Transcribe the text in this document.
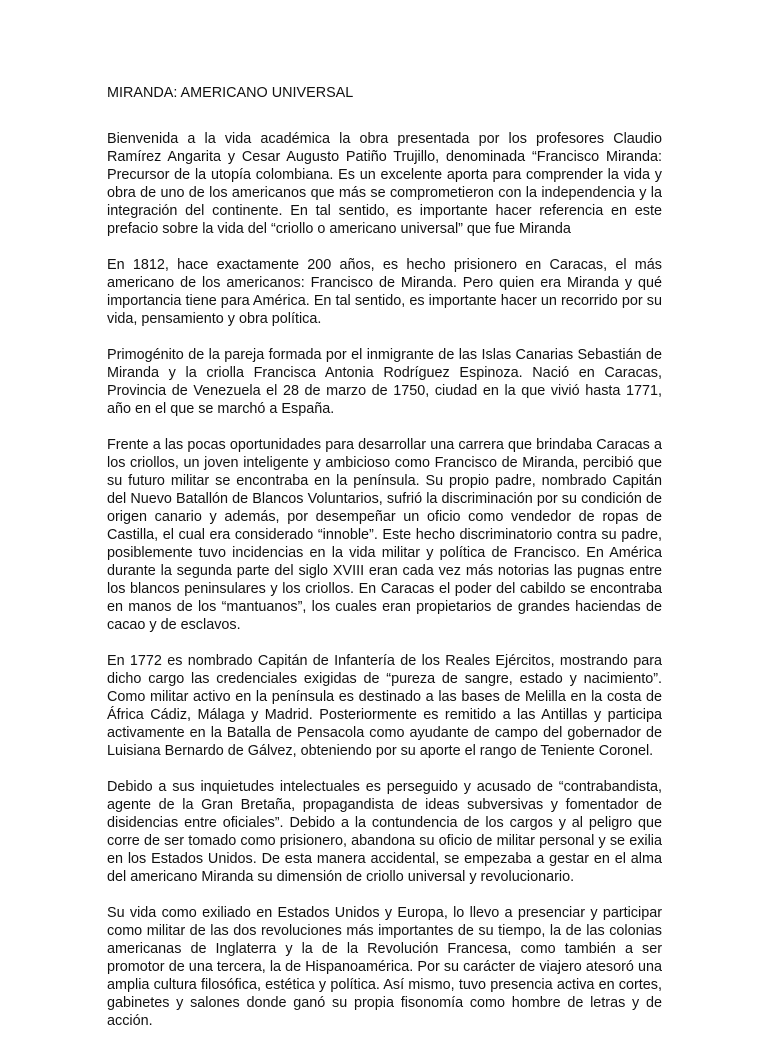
MIRANDA: AMERICANO UNIVERSAL

Bienvenida a la vida académica la obra presentada por los profesores Claudio Ramírez Angarita y Cesar Augusto Patiño Trujillo, denominada “Francisco Miranda: Precursor de la utopía colombiana. Es un excelente aporta para comprender la vida y obra de uno de los americanos que más se comprometieron con la independencia y la integración del continente. En tal sentido, es importante hacer referencia en este prefacio sobre la vida del “criollo o americano universal” que fue Miranda

En 1812, hace exactamente 200 años, es hecho prisionero en Caracas, el más americano de los americanos: Francisco de Miranda. Pero quien era Miranda y qué importancia tiene para América. En tal sentido, es importante hacer un recorrido por su vida, pensamiento y obra política.

Primogénito de la pareja formada por el inmigrante de las Islas Canarias Sebastián de Miranda y la criolla Francisca Antonia Rodríguez Espinoza. Nació en Caracas, Provincia de Venezuela el 28 de marzo de 1750, ciudad en la que vivió hasta 1771, año en el que se marchó a España.

Frente a las pocas oportunidades para desarrollar una carrera que brindaba Caracas a los criollos, un joven inteligente y ambicioso como Francisco de Miranda, percibió que su futuro militar se encontraba en la península. Su propio padre, nombrado Capitán del Nuevo Batallón de Blancos Voluntarios, sufrió la discriminación por su condición de origen canario y además, por desempeñar un oficio como vendedor de ropas de Castilla, el cual era considerado “innoble”. Este hecho discriminatorio contra su padre, posiblemente tuvo incidencias en la vida militar y política de Francisco. En América durante la segunda parte del siglo XVIII eran cada vez más notorias las pugnas entre los blancos peninsulares y los criollos. En Caracas el poder del cabildo se encontraba en manos de los “mantuanos”, los cuales eran propietarios de grandes haciendas de cacao y de esclavos.

En 1772 es nombrado Capitán de Infantería de los Reales Ejércitos, mostrando para dicho cargo las credenciales exigidas de “pureza de sangre, estado y nacimiento”. Como militar activo en la península es destinado a las bases de Melilla en la costa de África Cádiz, Málaga y Madrid. Posteriormente es remitido a las Antillas y participa activamente en la Batalla de Pensacola como ayudante de campo del gobernador de Luisiana Bernardo de Gálvez, obteniendo por su aporte el rango de Teniente Coronel.

Debido a sus inquietudes intelectuales es perseguido y acusado de “contrabandista, agente de la Gran Bretaña, propagandista de ideas subversivas y fomentador de disidencias entre oficiales”. Debido a la contundencia de los cargos y al peligro que corre de ser tomado como prisionero, abandona su oficio de militar personal y se exilia en los Estados Unidos. De esta manera accidental, se empezaba a gestar en el alma del americano Miranda su dimensión de criollo universal y revolucionario.

Su vida como exiliado en Estados Unidos y Europa, lo llevo a presenciar y participar como militar de las dos revoluciones más importantes de su tiempo, la de las colonias americanas de Inglaterra y la de la Revolución Francesa, como también a ser promotor de una tercera, la de Hispanoamérica. Por su carácter de viajero atesoró una amplia cultura filosófica, estética y política. Así mismo, tuvo presencia activa en cortes, gabinetes y salones donde ganó su propia fisonomía como hombre de letras y de acción.
